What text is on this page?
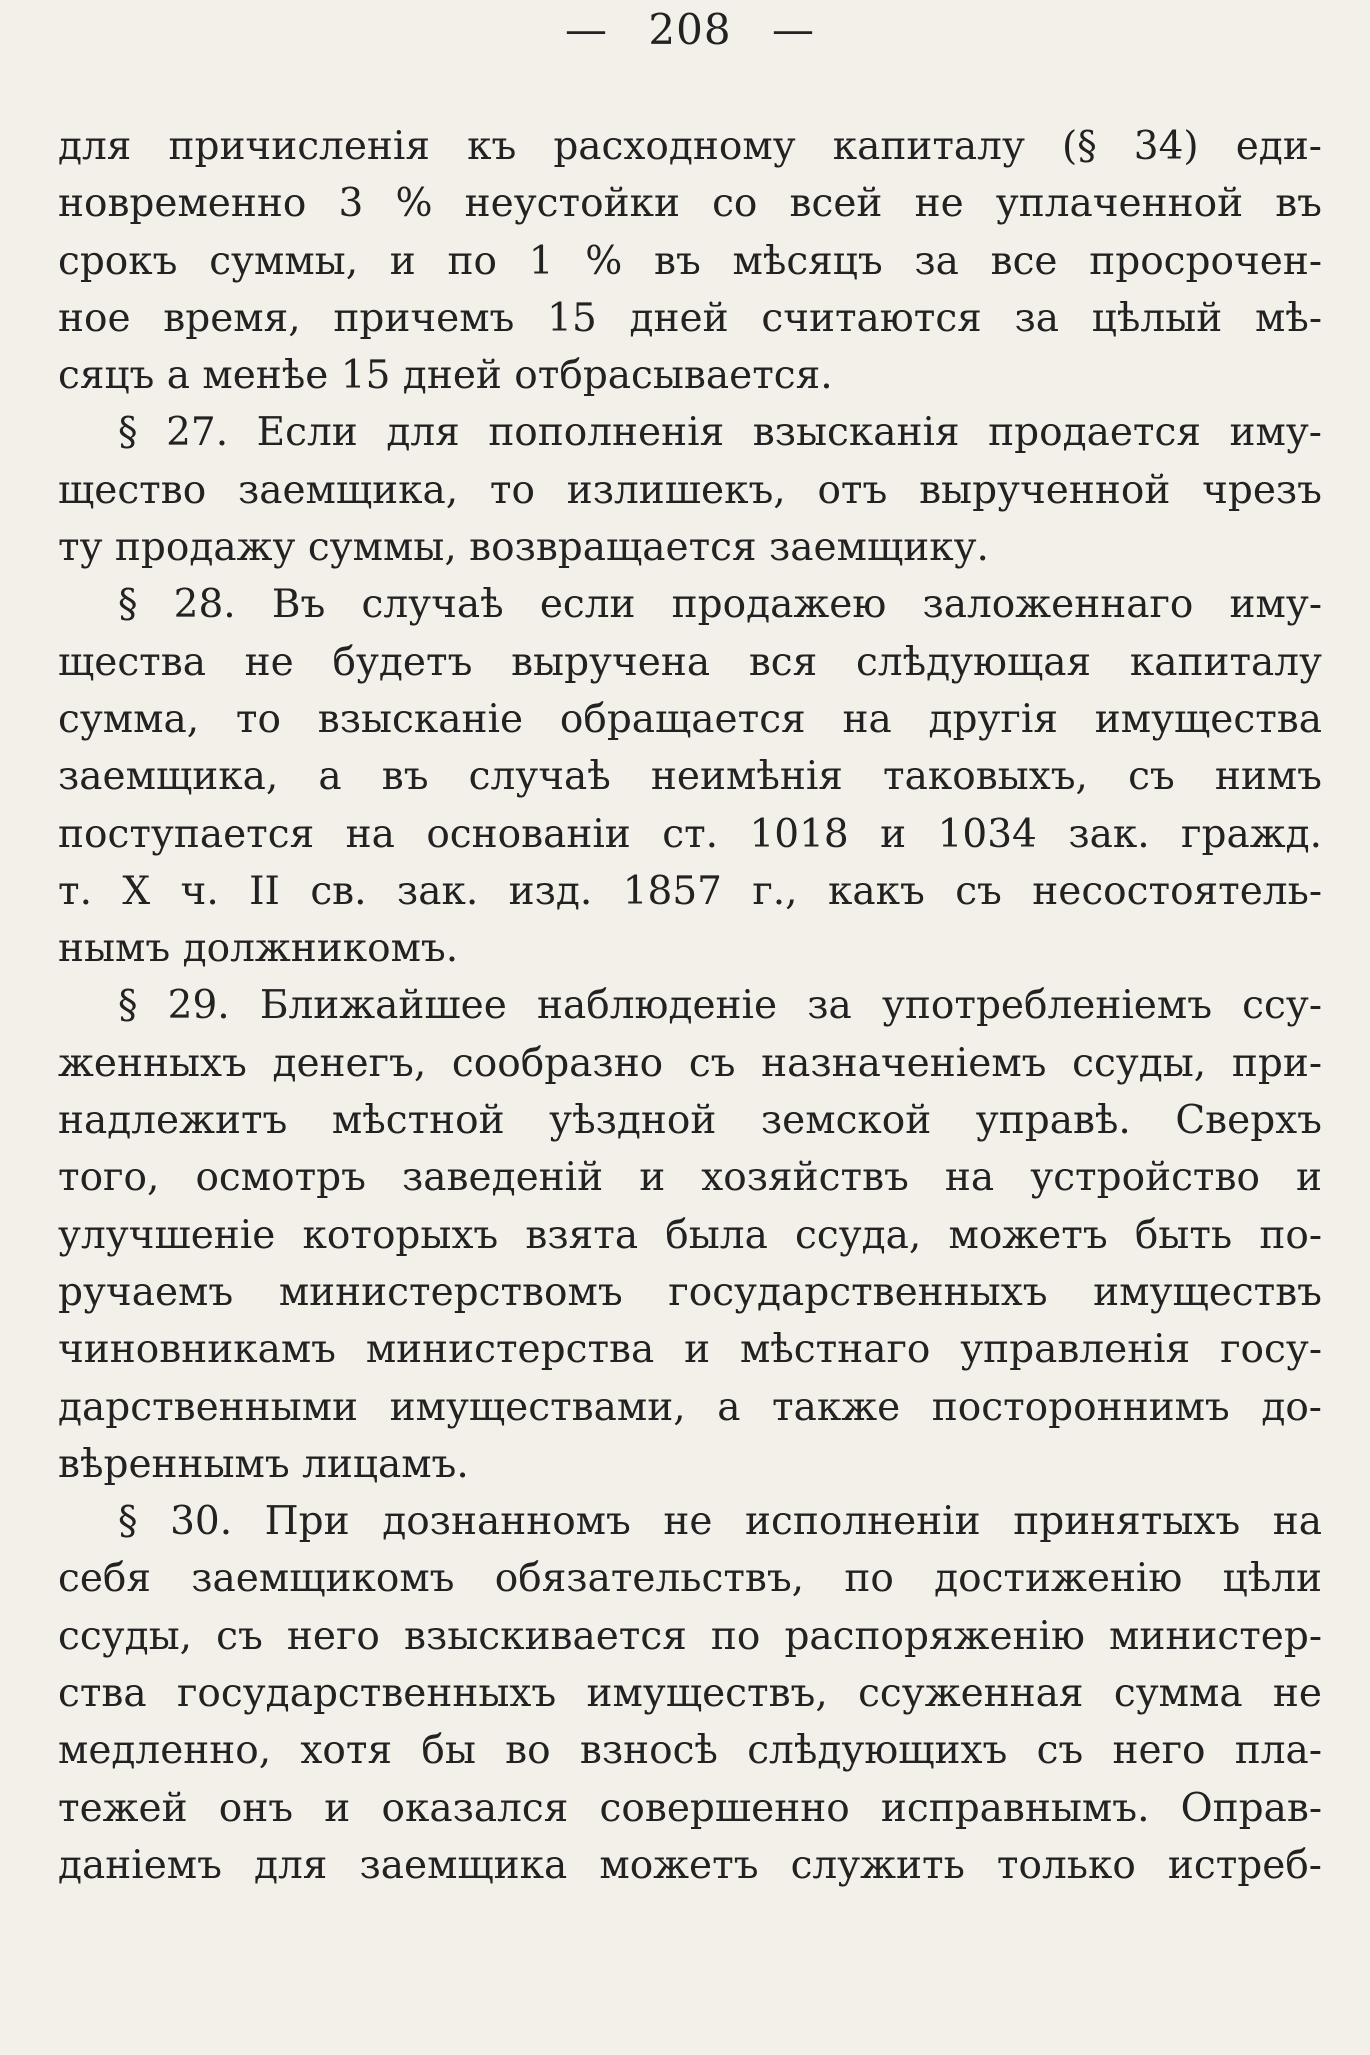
— 208 —
для причисленія къ расходному капиталу (§ 34) еди-
новременно 3 % неустойки со всей не уплаченной въ
срокъ суммы, и по 1 % въ мѣсяцъ за все просрочен-
ное время, причемъ 15 дней считаются за цѣлый мѣ-
сяцъ а менѣе 15 дней отбрасывается.
§ 27. Если для пополненія взысканія продается иму-
щество заемщика, то излишекъ, отъ вырученной чрезъ
ту продажу суммы, возвращается заемщику.
§ 28. Въ случаѣ если продажею заложеннаго иму-
щества не будетъ выручена вся слѣдующая капиталу
сумма, то взысканіе обращается на другія имущества
заемщика, а въ случаѣ неимѣнія таковыхъ, съ нимъ
поступается на основаніи ст. 1018 и 1034 зак. гражд.
т. X ч. II св. зак. изд. 1857 г., какъ съ несостоятель-
нымъ должникомъ.
§ 29. Ближайшее наблюденіе за употребленіемъ ссу-
женныхъ денегъ, сообразно съ назначеніемъ ссуды, при-
надлежитъ мѣстной уѣздной земской управѣ. Сверхъ
того, осмотръ заведеній и хозяйствъ на устройство и
улучшеніе которыхъ взята была ссуда, можетъ быть по-
ручаемъ министерствомъ государственныхъ имуществъ
чиновникамъ министерства и мѣстнаго управленія госу-
дарственными имуществами, а также постороннимъ до-
вѣреннымъ лицамъ.
§ 30. При дознанномъ не исполненіи принятыхъ на
себя заемщикомъ обязательствъ, по достиженію цѣли
ссуды, съ него взыскивается по распоряженію министер-
ства государственныхъ имуществъ, ссуженная сумма не
медленно, хотя бы во взносѣ слѣдующихъ съ него пла-
тежей онъ и оказался совершенно исправнымъ. Оправ-
даніемъ для заемщика можетъ служить только истреб-
